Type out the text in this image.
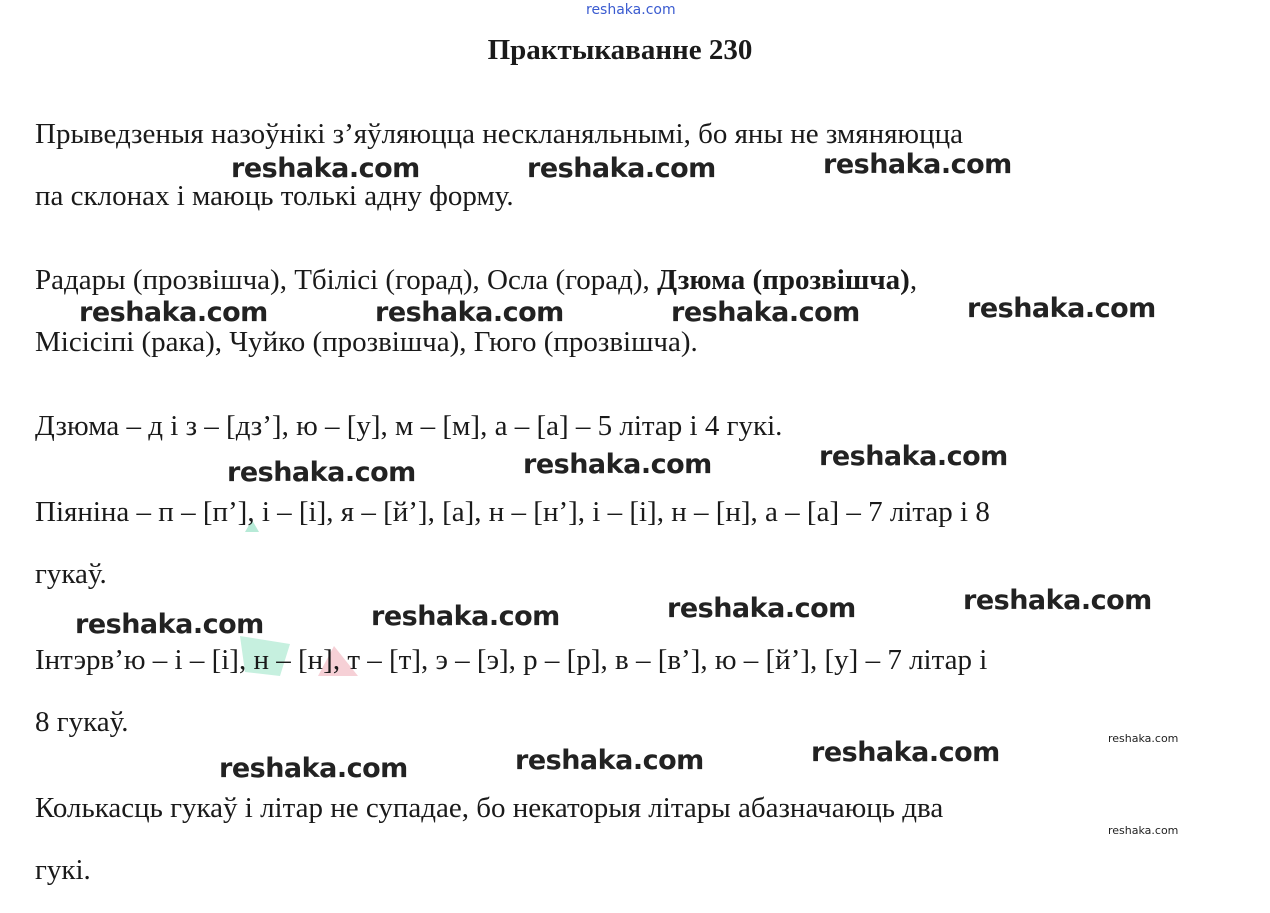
reshaka.com
Практыкаванне 230
Прыведзеныя назоўнікі з’яўляюцца нескланяльнымі, бо яны не змяняюцца
па склонах і маюць толькі адну форму.
Радары (прозвішча), Тбілісі (горад), Осла (горад), Дзюма (прозвішча),
Місісіпі (рака), Чуйко (прозвішча), Гюго (прозвішча).
Дзюма – д і з – [дз’], ю – [у], м – [м], а – [а] – 5 літар і 4 гукі.
Піяніна – п – [п’], і – [і], я – [й’], [а], н – [н’], і – [і], н – [н], а – [а] – 7 літар і 8
гукаў.
Інтэрв’ю – і – [і], н – [н], т – [т], э – [э], р – [р], в – [в’], ю – [й’], [у] – 7 літар і
8 гукаў.
Колькасць гукаў і літар не супадае, бо некаторыя літары абазначаюць два
гукі.
reshaka.com	reshaka.com	reshaka.com
reshaka.com	reshaka.com	reshaka.com	reshaka.com
reshaka.com	reshaka.com	reshaka.com
reshaka.com	reshaka.com	reshaka.com	reshaka.com
reshaka.com	reshaka.com	reshaka.com	reshaka.com
reshaka.com
